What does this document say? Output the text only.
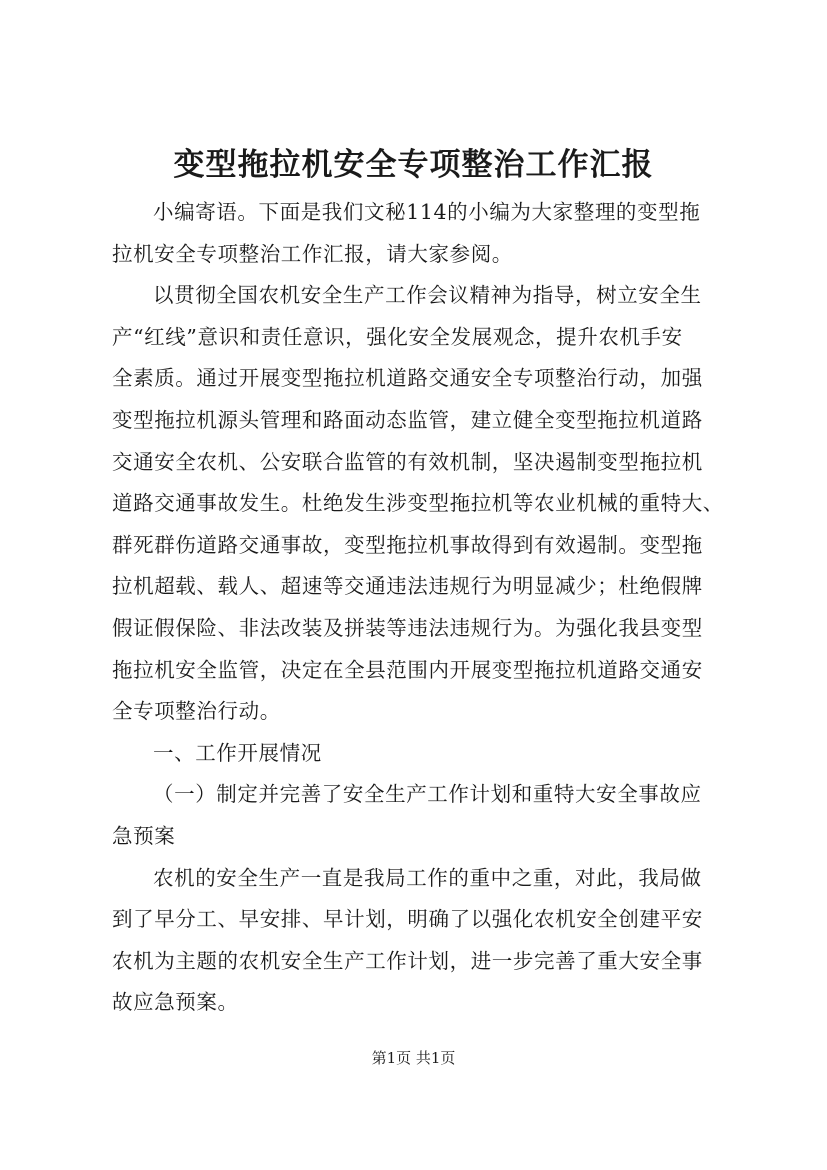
变型拖拉机安全专项整治工作汇报

小编寄语。下面是我们文秘114的小编为大家整理的变型拖
拉机安全专项整治工作汇报，请大家参阅。

以贯彻全国农机安全生产工作会议精神为指导，树立安全生
产“红线”意识和责任意识，强化安全发展观念，提升农机手安
全素质。通过开展变型拖拉机道路交通安全专项整治行动，加强
变型拖拉机源头管理和路面动态监管，建立健全变型拖拉机道路
交通安全农机、公安联合监管的有效机制，坚决遏制变型拖拉机
道路交通事故发生。杜绝发生涉变型拖拉机等农业机械的重特大、
群死群伤道路交通事故，变型拖拉机事故得到有效遏制。变型拖
拉机超载、载人、超速等交通违法违规行为明显减少；杜绝假牌
假证假保险、非法改装及拼装等违法违规行为。为强化我县变型
拖拉机安全监管，决定在全县范围内开展变型拖拉机道路交通安
全专项整治行动。

一、工作开展情况

（一）制定并完善了安全生产工作计划和重特大安全事故应
急预案

农机的安全生产一直是我局工作的重中之重，对此，我局做
到了早分工、早安排、早计划，明确了以强化农机安全创建平安
农机为主题的农机安全生产工作计划，进一步完善了重大安全事
故应急预案。

第1页 共1页
